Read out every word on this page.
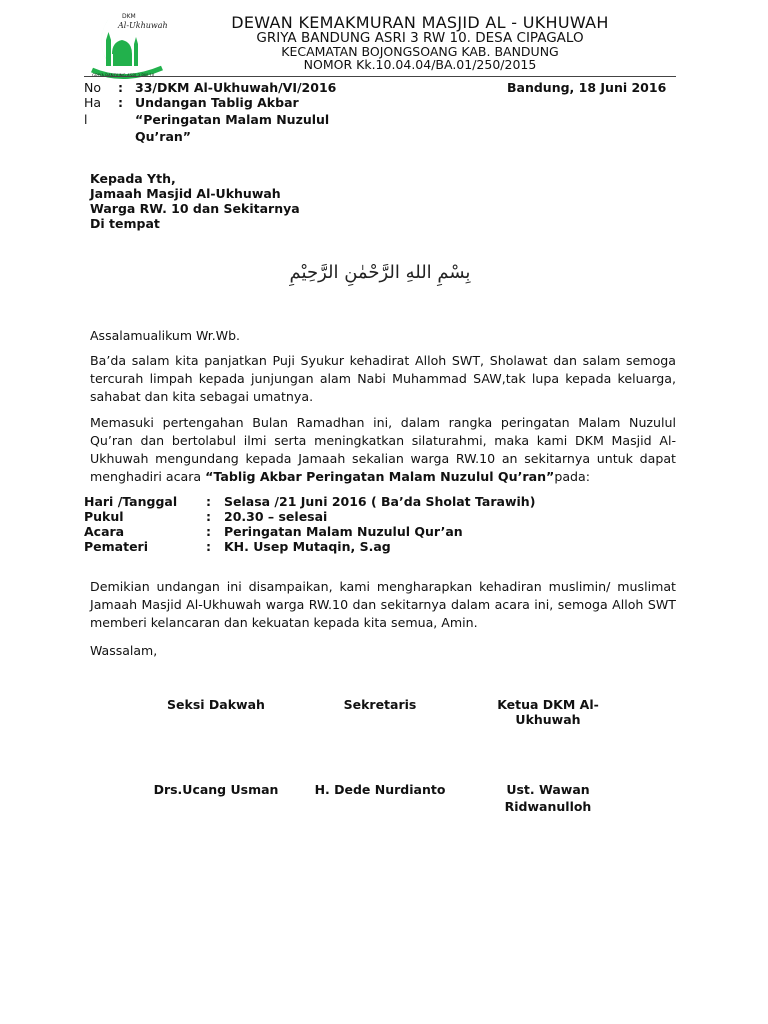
DKM
Al-Ukhuwah
GRIYA BANDUNG ASRI 3 RW 10
DEWAN KEMAKMURAN MASJID AL - UKHUWAH
GRIYA BANDUNG ASRI 3 RW 10. DESA CIPAGALO
KECAMATAN BOJONGSOANG KAB. BANDUNG
NOMOR Kk.10.04.04/BA.01/250/2015
No : 33/DKM Al-Ukhuwah/VI/2016	Bandung, 18 Juni 2016
Ha : Undangan Tablig Akbar
l	“Peringatan Malam Nuzulul
Qu’ran”
Kepada Yth,
Jamaah Masjid Al-Ukhuwah
Warga RW. 10 dan Sekitarnya
Di tempat
بِسْمِ اللهِ الرَّحْمٰنِ الرَّحِيْمِ
Assalamualikum Wr.Wb.
Ba’da salam kita panjatkan Puji Syukur kehadirat Alloh SWT, Sholawat dan salam semoga tercurah limpah kepada junjungan alam Nabi Muhammad SAW,tak lupa kepada keluarga, sahabat dan kita sebagai umatnya.
Memasuki pertengahan Bulan Ramadhan ini, dalam rangka peringatan Malam Nuzulul Qu’ran dan bertolabul ilmi serta meningkatkan silaturahmi, maka kami DKM Masjid Al-Ukhuwah mengundang kepada Jamaah sekalian warga RW.10 an sekitarnya untuk dapat menghadiri acara “Tablig Akbar Peringatan Malam Nuzulul Qu’ran”pada:
Hari /Tanggal : Selasa /21 Juni 2016 ( Ba’da Sholat Tarawih)
Pukul	: 20.30 – selesai
Acara	: Peringatan Malam Nuzulul Qur’an
Pemateri	: KH. Usep Mutaqin, S.ag
Demikian undangan ini disampaikan, kami mengharapkan kehadiran muslimin/ muslimat Jamaah Masjid Al-Ukhuwah warga RW.10 dan sekitarnya dalam acara ini, semoga Alloh SWT memberi kelancaran dan kekuatan kepada kita semua, Amin.
Wassalam,
Seksi Dakwah	Sekretaris	Ketua DKM Al-Ukhuwah
Drs.Ucang Usman	H. Dede Nurdianto	Ust. Wawan
Ridwanulloh
